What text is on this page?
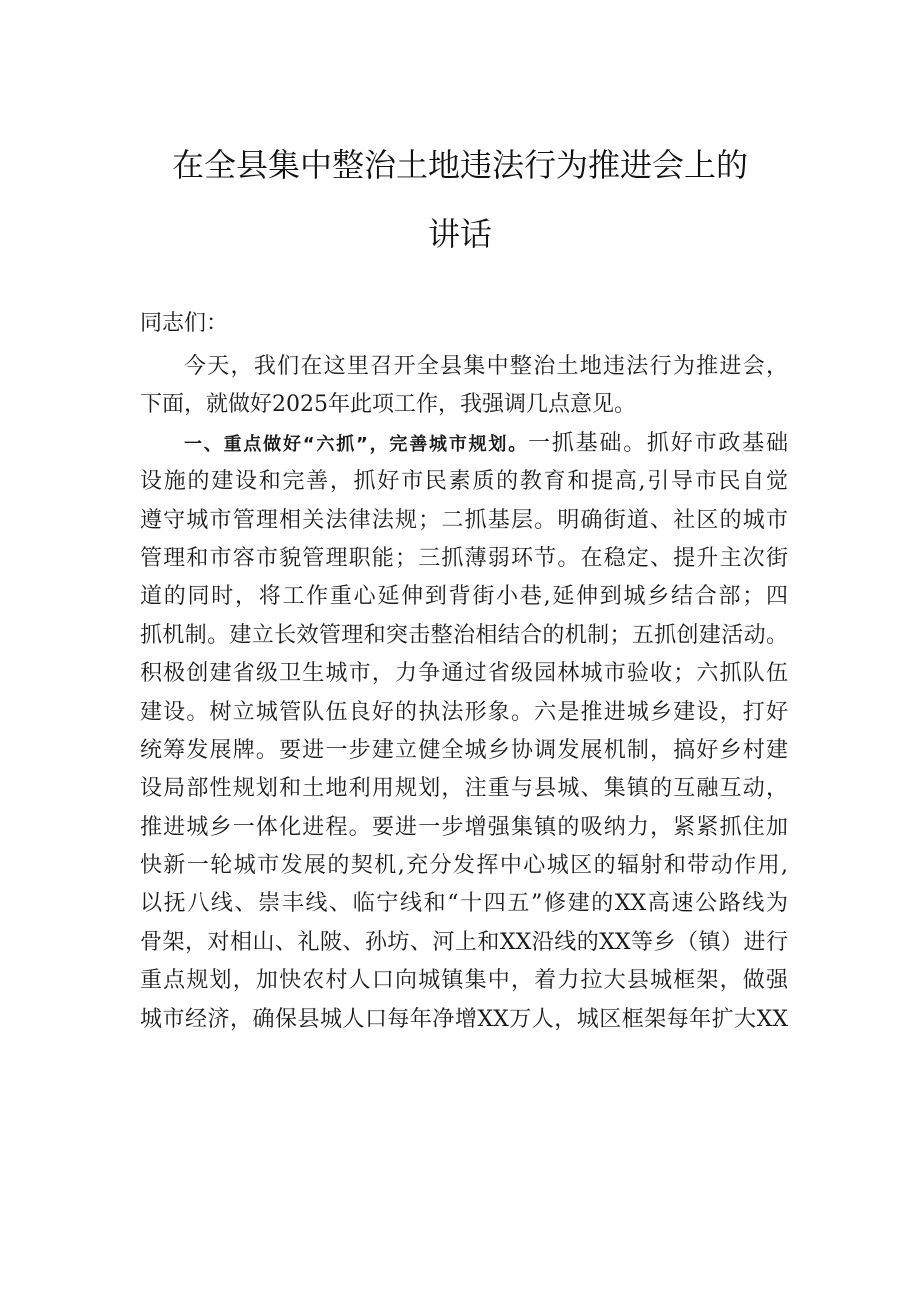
在全县集中整治土地违法行为推进会上的
讲话
同志们：
今天，我们在这里召开全县集中整治土地违法行为推进会，
下面，就做好2025年此项工作，我强调几点意见。
一、重点做好“六抓”，完善城市规划。一抓基础。抓好市政基础
设施的建设和完善，抓好市民素质的教育和提高,引导市民自觉
遵守城市管理相关法律法规；二抓基层。明确街道、社区的城市
管理和市容市貌管理职能；三抓薄弱环节。在稳定、提升主次街
道的同时，将工作重心延伸到背街小巷,延伸到城乡结合部；四
抓机制。建立长效管理和突击整治相结合的机制；五抓创建活动。
积极创建省级卫生城市，力争通过省级园林城市验收；六抓队伍
建设。树立城管队伍良好的执法形象。六是推进城乡建设，打好
统筹发展牌。要进一步建立健全城乡协调发展机制，搞好乡村建
设局部性规划和土地利用规划，注重与县城、集镇的互融互动，
推进城乡一体化进程。要进一步增强集镇的吸纳力，紧紧抓住加
快新一轮城市发展的契机,充分发挥中心城区的辐射和带动作用,
以抚八线、崇丰线、临宁线和“十四五”修建的XX高速公路线为
骨架，对相山、礼陂、孙坊、河上和XX沿线的XX等乡（镇）进行
重点规划，加快农村人口向城镇集中，着力拉大县城框架，做强
城市经济，确保县城人口每年净增XX万人，城区框架每年扩大XX
